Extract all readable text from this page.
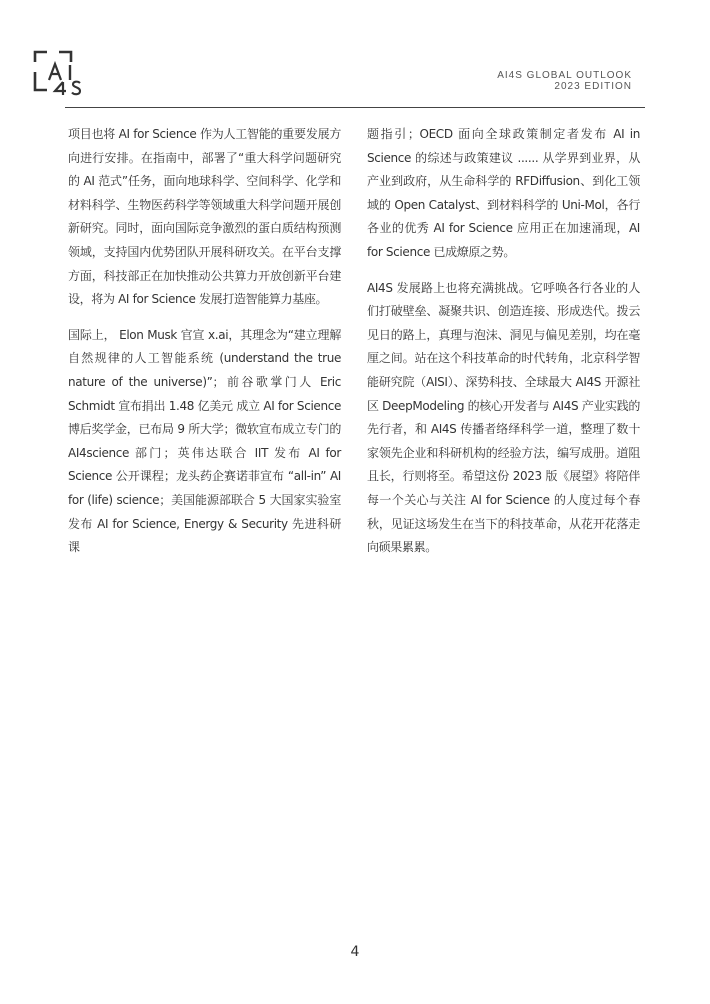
AI4S GLOBAL OUTLOOK
2023 EDITION

项目也将 AI for Science 作为人工智能的重要发展方向进行安排。在指南中，部署了“重大科学问题研究的 AI 范式”任务，面向地球科学、空间科学、化学和材料科学、生物医药科学等领域重大科学问题开展创新研究。同时，面向国际竞争激烈的蛋白质结构预测领域，支持国内优势团队开展科研攻关。在平台支撑方面，科技部正在加快推动公共算力开放创新平台建设，将为 AI for Science 发展打造智能算力基座。

国际上， Elon Musk 官宣 x.ai，其理念为“建立理解自然规律的人工智能系统 (understand the true nature of the universe)”；前谷歌掌门人 Eric Schmidt 宣布捐出 1.48 亿美元 成立 AI for Science 博后奖学金，已布局 9 所大学；微软宣布成立专门的 AI4science 部门；英伟达联合 IIT 发布 AI for Science 公开课程；龙头药企赛诺菲宣布 “all-in” AI for (life) science；美国能源部联合 5 大国家实验室发布 AI for Science, Energy & Security 先进科研课

题指引；OECD 面向全球政策制定者发布 AI in Science 的综述与政策建议 ...... 从学界到业界，从产业到政府，从生命科学的 RFDiffusion、到化工领域的 Open Catalyst、到材料科学的 Uni-Mol，各行各业的优秀 AI for Science 应用正在加速涌现，AI for Science 已成燎原之势。

AI4S 发展路上也将充满挑战。它呼唤各行各业的人们打破壁垒、凝聚共识、创造连接、形成迭代。拨云见日的路上，真理与泡沫、洞见与偏见差别，均在毫厘之间。站在这个科技革命的时代转角，北京科学智能研究院（AISI）、深势科技、全球最大 AI4S 开源社区 DeepModeling 的核心开发者与 AI4S 产业实践的先行者，和 AI4S 传播者络绎科学一道，整理了数十家领先企业和科研机构的经验方法，编写成册。道阻且长，行则将至。希望这份 2023 版《展望》将陪伴每一个关心与关注 AI for Science 的人度过每个春秋，见证这场发生在当下的科技革命，从花开花落走向硕果累累。

4
